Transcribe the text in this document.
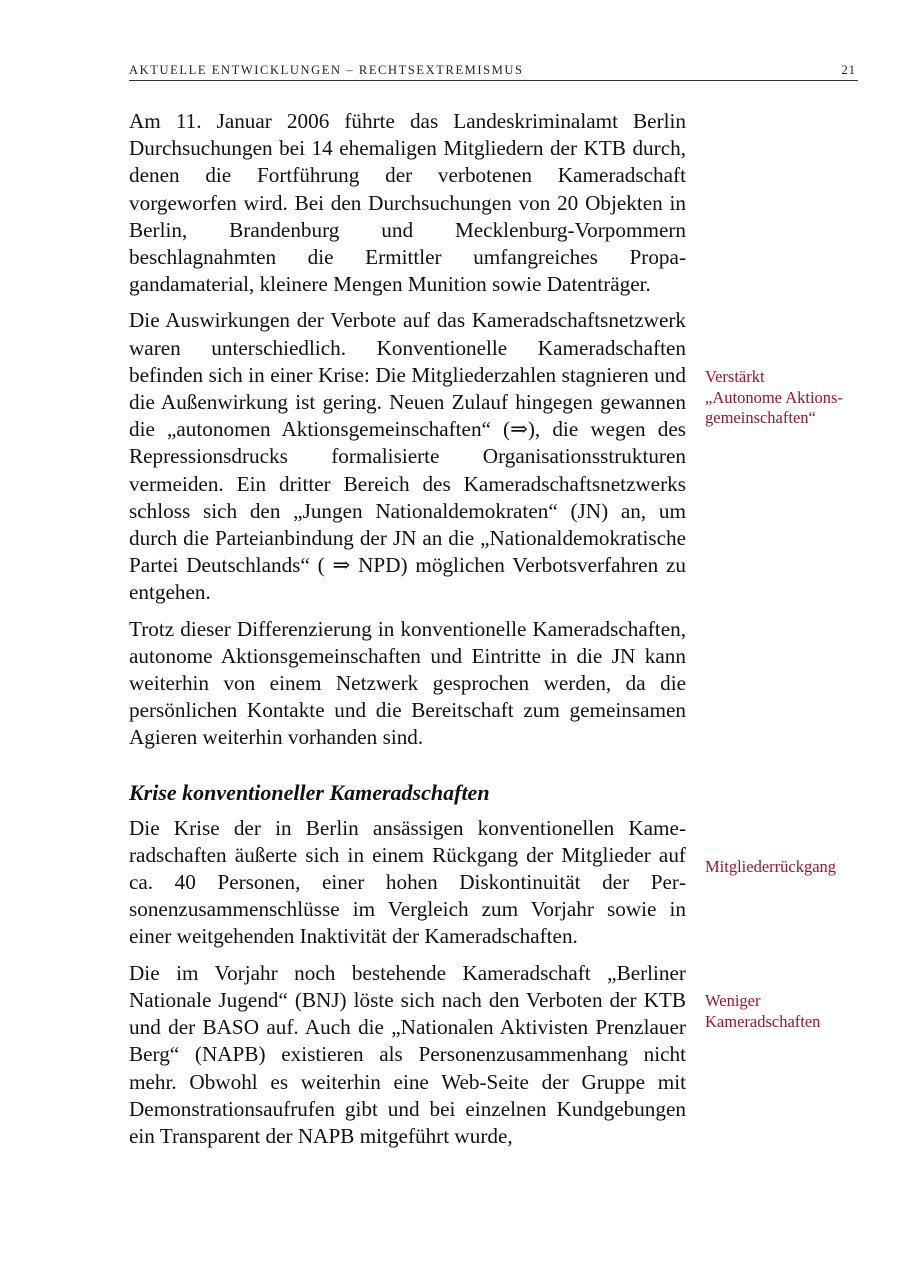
AKTUELLE ENTWICKLUNGEN – RECHTSEXTREMISMUS	21

Am 11. Januar 2006 führte das Landeskriminalamt Berlin Durchsuchungen bei 14 ehemaligen Mitgliedern der KTB durch, denen die Fortführung der verbotenen Kameradschaft vorgeworfen wird. Bei den Durchsuchungen von 20 Objekten in Berlin, Brandenburg und Mecklenburg-Vorpommern beschlagnahmten die Ermittler umfangreiches Propagandamaterial, kleinere Mengen Munition sowie Datenträger.

Die Auswirkungen der Verbote auf das Kameradschaftsnetzwerk waren unterschiedlich. Konventionelle Kameradschaften befinden sich in einer Krise: Die Mitgliederzahlen stagnieren und die Außenwirkung ist gering. Neuen Zulauf hingegen gewannen die „autonomen Aktionsgemeinschaften“ (⇒), die wegen des Repressionsdrucks formalisierte Organisationsstrukturen vermeiden. Ein dritter Bereich des Kameradschaftsnetzwerks schloss sich den „Jungen Nationaldemokraten“ (JN) an, um durch die Parteianbindung der JN an die „Nationaldemokratische Partei Deutschlands“ ( ⇒ NPD) möglichen Verbotsverfahren zu entgehen.

Trotz dieser Differenzierung in konventionelle Kameradschaften, autonome Aktionsgemeinschaften und Eintritte in die JN kann weiterhin von einem Netzwerk gesprochen werden, da die persönlichen Kontakte und die Bereitschaft zum gemeinsamen Agieren weiterhin vorhanden sind.

Krise konventioneller Kameradschaften

Die Krise der in Berlin ansässigen konventionellen Kameradschaften äußerte sich in einem Rückgang der Mitglieder auf ca. 40 Personen, einer hohen Diskontinuität der Personenzusammenschlüsse im Vergleich zum Vorjahr sowie in einer weitgehenden Inaktivität der Kameradschaften.

Die im Vorjahr noch bestehende Kameradschaft „Berliner Nationale Jugend“ (BNJ) löste sich nach den Verboten der KTB und der BASO auf. Auch die „Nationalen Aktivisten Prenzlauer Berg“ (NAPB) existieren als Personenzusammenhang nicht mehr. Obwohl es weiterhin eine Web-Seite der Gruppe mit Demonstrationsaufrufen gibt und bei einzelnen Kundgebungen ein Transparent der NAPB mitgeführt wurde,

Verstärkt
„Autonome Aktions-
gemeinschaften“
Mitgliederrückgang
Weniger
Kameradschaften
